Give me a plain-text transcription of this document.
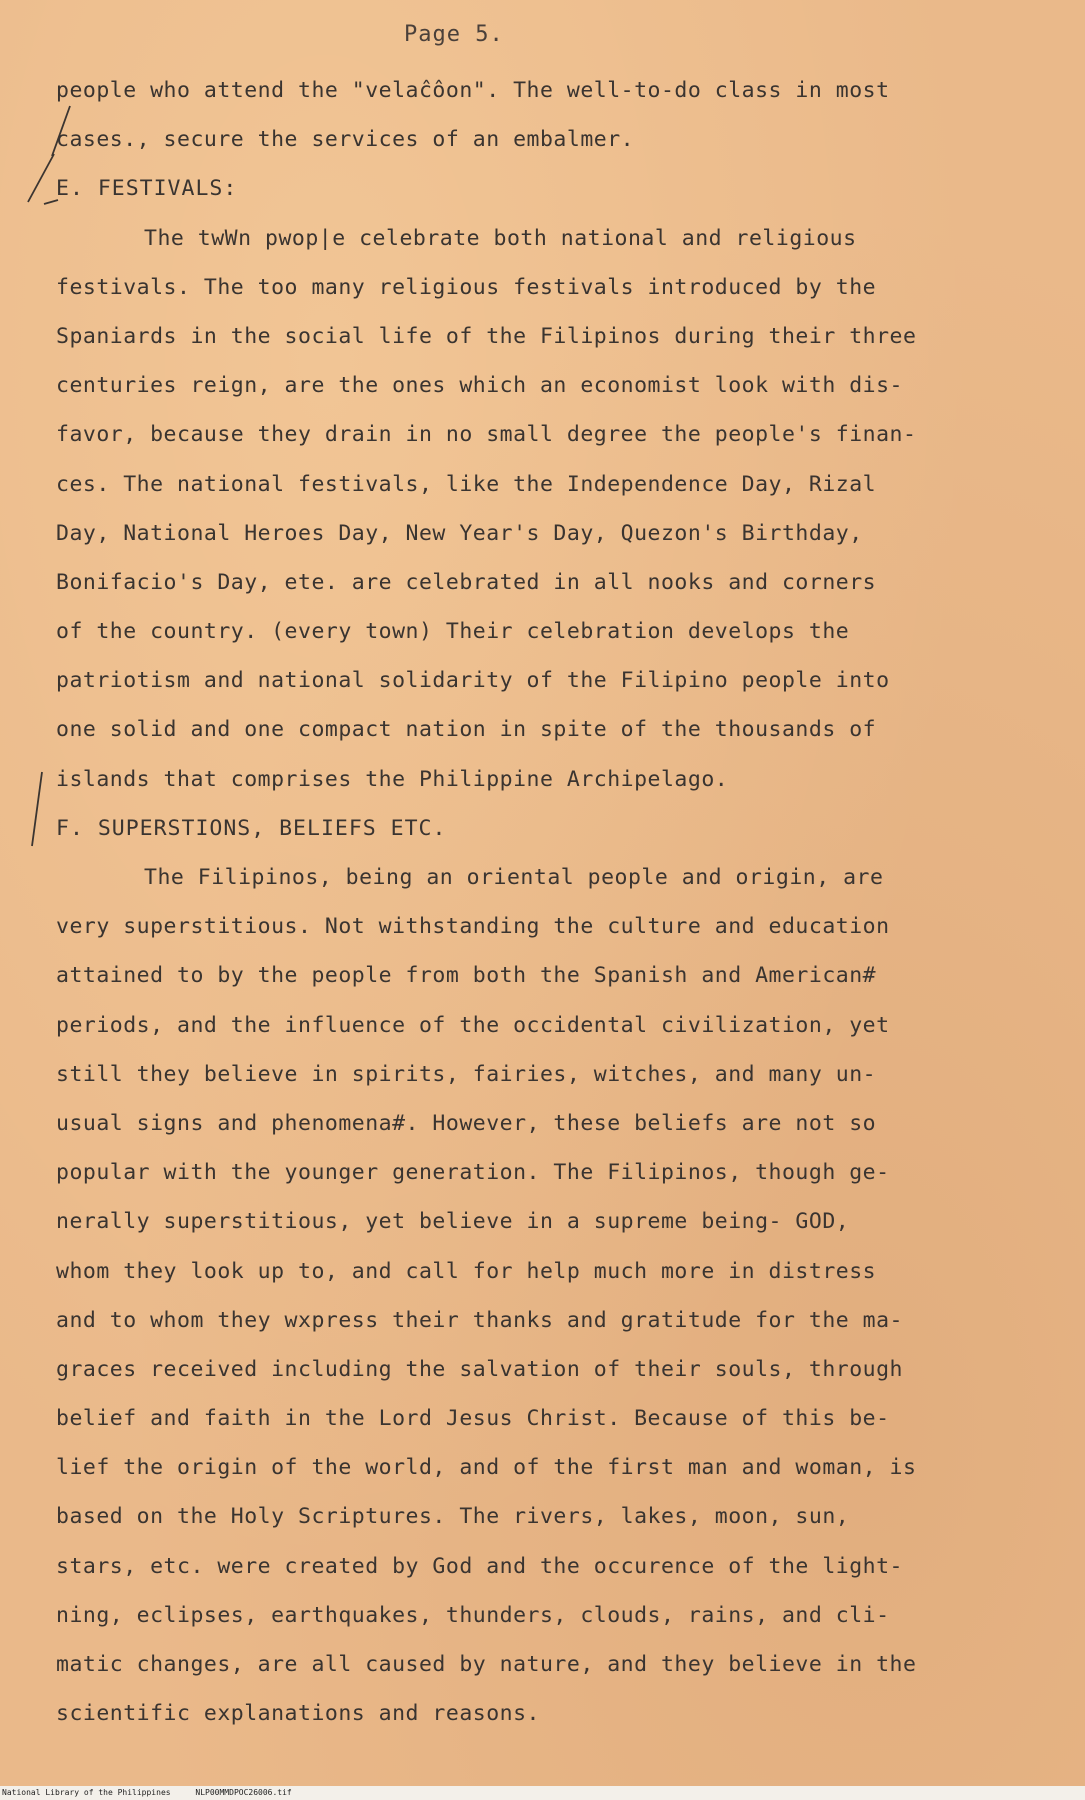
Page 5.
people who attend the "velaĉôon". The well-to-do class in most
cases., secure the services of an embalmer.
E. FESTIVALS:
The twWn pwop|e celebrate both national and religious
festivals. The too many religious festivals introduced by the
Spaniards in the social life of the Filipinos during their three
centuries reign, are the ones which an economist look with dis-
favor, because they drain in no small degree the people's finan-
ces. The national festivals, like the Independence Day, Rizal
Day, National Heroes Day, New Year's Day, Quezon's Birthday,
Bonifacio's Day, ete. are celebrated in all nooks and corners
of the country. (every town) Their celebration develops the
patriotism and national solidarity of the Filipino people into
one solid and one compact nation in spite of the thousands of
islands that comprises the Philippine Archipelago.
F. SUPERSTIONS, BELIEFS ETC.
The Filipinos, being an oriental people and origin, are
very superstitious. Not withstanding the culture and education
attained to by the people from both the Spanish and American#
periods, and the influence of the occidental civilization, yet
still they believe in spirits, fairies, witches, and many un-
usual signs and phenomena#. However, these beliefs are not so
popular with the younger generation. The Filipinos, though ge-
nerally superstitious, yet believe in a supreme being- GOD,
whom they look up to, and call for help much more in distress
and to whom they wxpress their thanks and gratitude for the ma-
graces received including the salvation of their souls, through
belief and faith in the Lord Jesus Christ. Because of this be-
lief the origin of the world, and of the first man and woman, is
based on the Holy Scriptures. The rivers, lakes, moon, sun,
stars, etc. were created by God and the occurence of the light-
ning, eclipses, earthquakes, thunders, clouds, rains, and cli-
matic changes, are all caused by nature, and they believe in the
scientific explanations and reasons.
National Library of the Philippines	NLP00MMDPOC26006.tif
